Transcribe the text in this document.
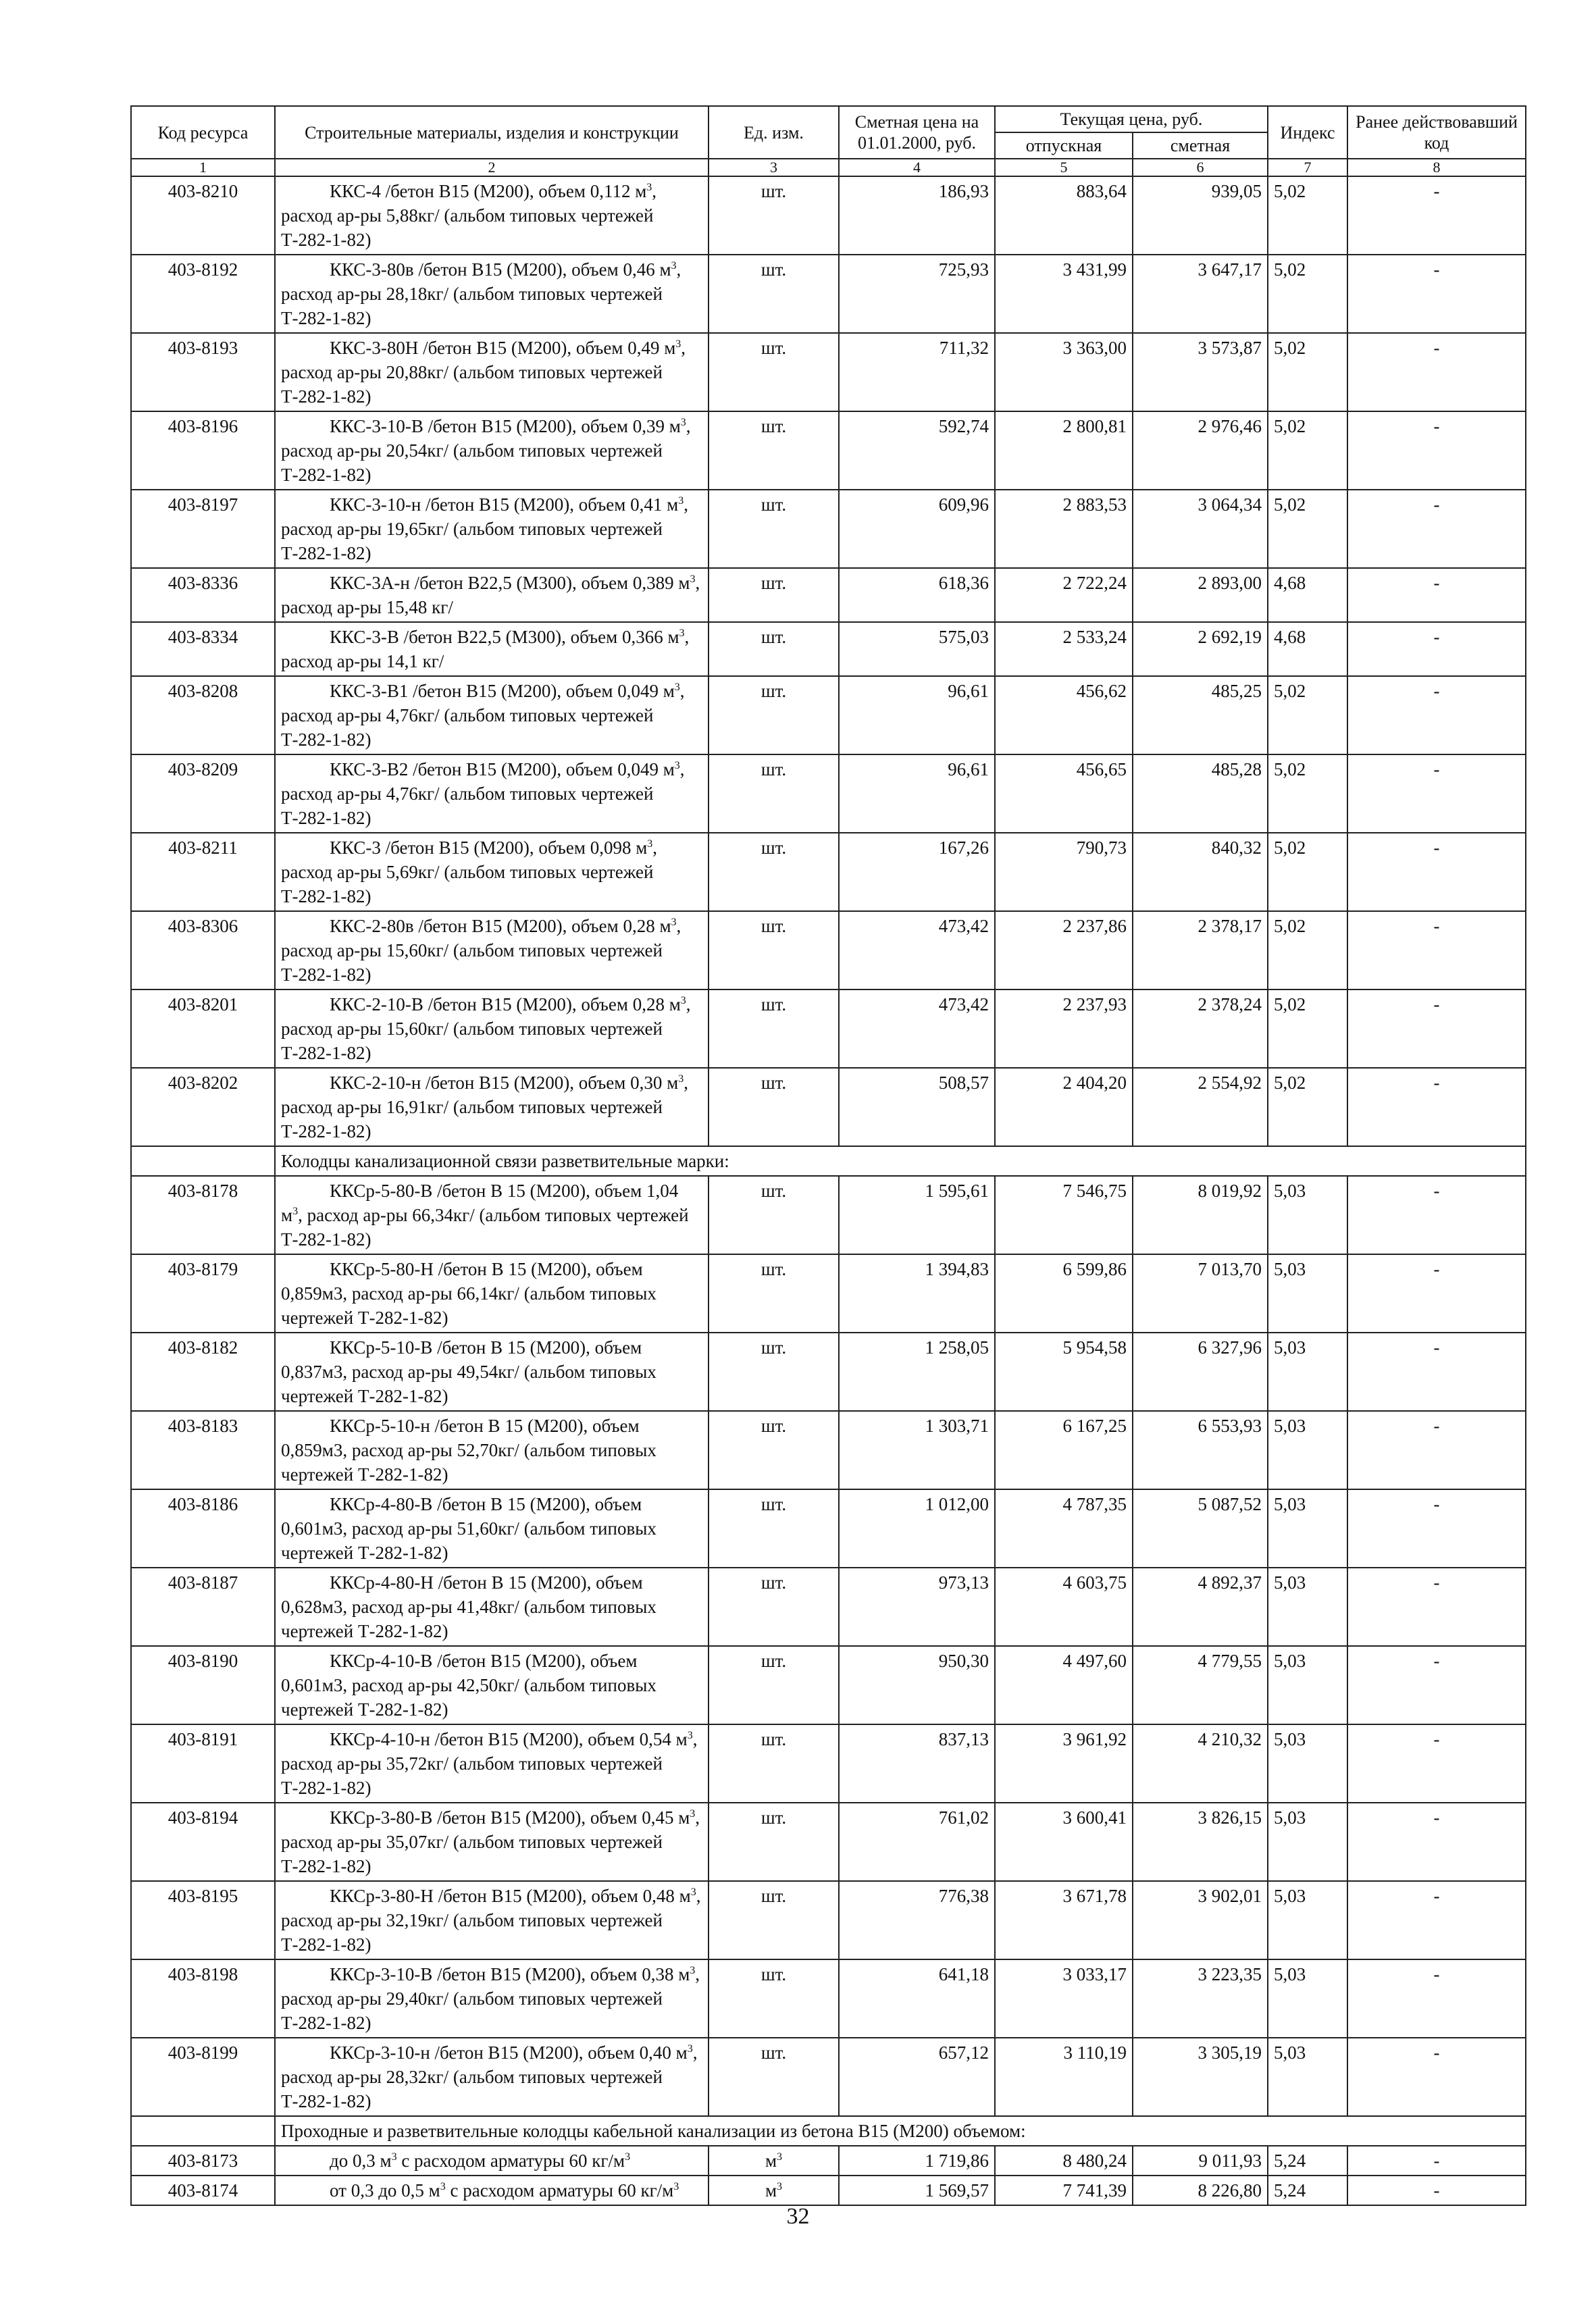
Код ресурса	Строительные материалы, изделия и конструкции	Ед. изм.	Сметная цена на 01.01.2000, руб.	Текущая цена, руб.		Индекс	Ранее действовавший код
				отпускная	сметная		
1	2	3	4	5	6	7	8
403-8210	ККС-4 /бетон В15 (М200), объем 0,112 $м^3$, расход ар-ры 5,88кг/ (альбом типовых чертежей Т-282-1-82)	шт.	186,93	883,64	939,05	5,02	-
403-8192	ККС-3-80в /бетон В15 (М200), объем 0,46 $м^3$, расход ар-ры 28,18кг/ (альбом типовых чертежей Т-282-1-82)	шт.	725,93	3 431,99	3 647,17	5,02	-
403-8193	ККС-3-80Н /бетон В15 (М200), объем 0,49 $м^3$, расход ар-ры 20,88кг/ (альбом типовых чертежей Т-282-1-82)	шт.	711,32	3 363,00	3 573,87	5,02	-
403-8196	ККС-3-10-В /бетон В15 (М200), объем 0,39 $м^3$, расход ар-ры 20,54кг/ (альбом типовых чертежей Т-282-1-82)	шт.	592,74	2 800,81	2 976,46	5,02	-
403-8197	ККС-3-10-н /бетон В15 (М200), объем 0,41 $м^3$, расход ар-ры 19,65кг/ (альбом типовых чертежей Т-282-1-82)	шт.	609,96	2 883,53	3 064,34	5,02	-
403-8336	ККС-3А-н /бетон В22,5 (М300), объем 0,389 $м^3$, расход ар-ры 15,48 кг/	шт.	618,36	2 722,24	2 893,00	4,68	-
403-8334	ККС-3-В /бетон В22,5 (М300), объем 0,366 $м^3$, расход ар-ры 14,1 кг/	шт.	575,03	2 533,24	2 692,19	4,68	-
403-8208	ККС-3-В1 /бетон В15 (М200), объем 0,049 $м^3$, расход ар-ры 4,76кг/ (альбом типовых чертежей Т-282-1-82)	шт.	96,61	456,62	485,25	5,02	-
403-8209	ККС-3-В2 /бетон В15 (М200), объем 0,049 $м^3$, расход ар-ры 4,76кг/ (альбом типовых чертежей Т-282-1-82)	шт.	96,61	456,65	485,28	5,02	-
403-8211	ККС-3 /бетон В15 (М200), объем 0,098 $м^3$, расход ар-ры 5,69кг/ (альбом типовых чертежей Т-282-1-82)	шт.	167,26	790,73	840,32	5,02	-
403-8306	ККС-2-80в /бетон В15 (М200), объем 0,28 $м^3$, расход ар-ры 15,60кг/ (альбом типовых чертежей Т-282-1-82)	шт.	473,42	2 237,86	2 378,17	5,02	-
403-8201	ККС-2-10-В /бетон В15 (М200), объем 0,28 $м^3$, расход ар-ры 15,60кг/ (альбом типовых чертежей Т-282-1-82)	шт.	473,42	2 237,93	2 378,24	5,02	-
403-8202	ККС-2-10-н /бетон В15 (М200), объем 0,30 $м^3$, расход ар-ры 16,91кг/ (альбом типовых чертежей Т-282-1-82)	шт.	508,57	2 404,20	2 554,92	5,02	-
	Колодцы канализационной связи разветвительные марки:						
403-8178	ККСр-5-80-В /бетон В 15 (М200), объем 1,04 $м^3$, расход ар-ры 66,34кг/ (альбом типовых чертежей Т-282-1-82)	шт.	1 595,61	7 546,75	8 019,92	5,03	-
403-8179	ККСр-5-80-Н /бетон В 15 (М200), объем 0,859м3, расход ар-ры 66,14кг/ (альбом типовых чертежей Т-282-1-82)	шт.	1 394,83	6 599,86	7 013,70	5,03	-
403-8182	ККСр-5-10-В /бетон В 15 (М200), объем 0,837м3, расход ар-ры 49,54кг/ (альбом типовых чертежей Т-282-1-82)	шт.	1 258,05	5 954,58	6 327,96	5,03	-
403-8183	ККСр-5-10-н /бетон В 15 (М200), объем 0,859м3, расход ар-ры 52,70кг/ (альбом типовых чертежей Т-282-1-82)	шт.	1 303,71	6 167,25	6 553,93	5,03	-
403-8186	ККСр-4-80-В /бетон В 15 (М200), объем 0,601м3, расход ар-ры 51,60кг/ (альбом типовых чертежей Т-282-1-82)	шт.	1 012,00	4 787,35	5 087,52	5,03	-
403-8187	ККСр-4-80-Н /бетон В 15 (М200), объем 0,628м3, расход ар-ры 41,48кг/ (альбом типовых чертежей Т-282-1-82)	шт.	973,13	4 603,75	4 892,37	5,03	-
403-8190	ККСр-4-10-В /бетон В15 (М200), объем 0,601м3, расход ар-ры 42,50кг/ (альбом типовых чертежей Т-282-1-82)	шт.	950,30	4 497,60	4 779,55	5,03	-
403-8191	ККСр-4-10-н /бетон В15 (М200), объем 0,54 $м^3$, расход ар-ры 35,72кг/ (альбом типовых чертежей Т-282-1-82)	шт.	837,13	3 961,92	4 210,32	5,03	-
403-8194	ККСр-3-80-В /бетон В15 (М200), объем 0,45 $м^3$, расход ар-ры 35,07кг/ (альбом типовых чертежей Т-282-1-82)	шт.	761,02	3 600,41	3 826,15	5,03	-
403-8195	ККСр-3-80-Н /бетон В15 (М200), объем 0,48 $м^3$, расход ар-ры 32,19кг/ (альбом типовых чертежей Т-282-1-82)	шт.	776,38	3 671,78	3 902,01	5,03	-
403-8198	ККСр-3-10-В /бетон В15 (М200), объем 0,38 $м^3$, расход ар-ры 29,40кг/ (альбом типовых чертежей Т-282-1-82)	шт.	641,18	3 033,17	3 223,35	5,03	-
403-8199	ККСр-3-10-н /бетон В15 (М200), объем 0,40 $м^3$, расход ар-ры 28,32кг/ (альбом типовых чертежей Т-282-1-82)	шт.	657,12	3 110,19	3 305,19	5,03	-
	Проходные и разветвительные колодцы кабельной канализации из бетона В15 (М200) объемом:						
403-8173	до 0,3 $м^3$ с расходом арматуры 60 $кг/м^3$	$м^3$	1 719,86	8 480,24	9 011,93	5,24	-
403-8174	от 0,3 до 0,5 $м^3$ с расходом арматуры 60 $кг/м^3$	$м^3$	1 569,57	7 741,39	8 226,80	5,24	-
32
